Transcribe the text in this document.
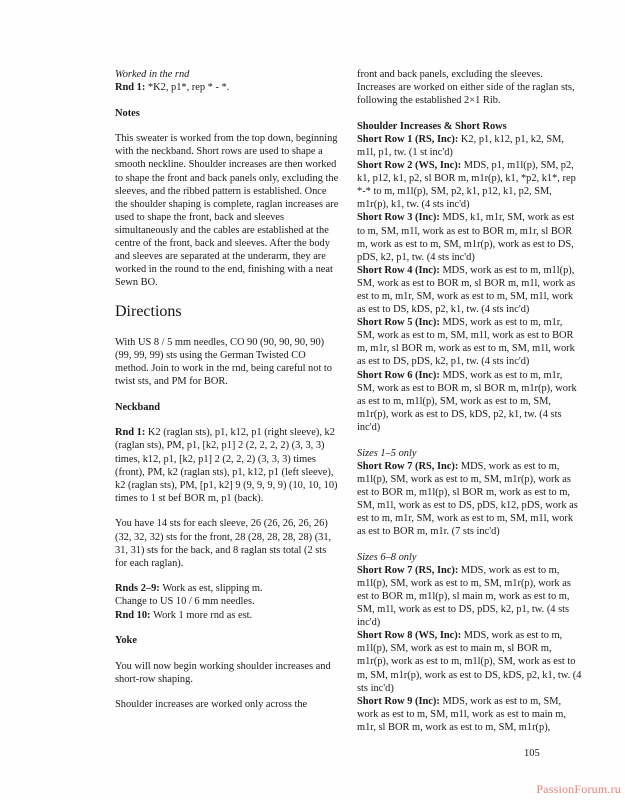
Worked in the rnd

Rnd 1: *K2, p1*, rep * - *.

Notes

This sweater is worked from the top down, beginning with the neckband. Short rows are used to shape a smooth neckline. Shoulder increases are then worked to shape the front and back panels only, excluding the sleeves, and the ribbed pattern is established. Once the shoulder shaping is complete, raglan increases are used to shape the front, back and sleeves simultaneously and the cables are established at the centre of the front, back and sleeves. After the body and sleeves are separated at the underarm, they are worked in the round to the end, finishing with a neat Sewn BO.

Directions

With US 8 / 5 mm needles, CO 90 (90, 90, 90, 90) (99, 99, 99) sts using the German Twisted CO method. Join to work in the rnd, being careful not to twist sts, and PM for BOR.

Neckband

Rnd 1: K2 (raglan sts), p1, k12, p1 (right sleeve), k2 (raglan sts), PM, p1, [k2, p1] 2 (2, 2, 2, 2) (3, 3, 3) times, k12, p1, [k2, p1] 2 (2, 2, 2) (3, 3, 3) times (front), PM, k2 (raglan sts), p1, k12, p1 (left sleeve), k2 (raglan sts), PM, [p1, k2] 9 (9, 9, 9, 9) (10, 10, 10) times to 1 st bef BOR m, p1 (back).

You have 14 sts for each sleeve, 26 (26, 26, 26, 26) (32, 32, 32) sts for the front, 28 (28, 28, 28, 28) (31, 31, 31) sts for the back, and 8 raglan sts total (2 sts for each raglan).

Rnds 2–9: Work as est, slipping m.

Change to US 10 / 6 mm needles.

Rnd 10: Work 1 more rnd as est.

Yoke

You will now begin working shoulder increases and short-row shaping.

Shoulder increases are worked only across the

front and back panels, excluding the sleeves. Increases are worked on either side of the raglan sts, following the established 2×1 Rib.

Shoulder Increases & Short Rows

Short Row 1 (RS, Inc): K2, p1, k12, p1, k2, SM, m1l, p1, tw. (1 st inc'd)

Short Row 2 (WS, Inc): MDS, p1, m1l(p), SM, p2, k1, p12, k1, p2, sl BOR m, m1r(p), k1, *p2, k1*, rep *-* to m, m1l(p), SM, p2, k1, p12, k1, p2, SM, m1r(p), k1, tw. (4 sts inc'd)

Short Row 3 (Inc): MDS, k1, m1r, SM, work as est to m, SM, m1l, work as est to BOR m, m1r, sl BOR m, work as est to m, SM, m1r(p), work as est to DS, pDS, k2, p1, tw. (4 sts inc'd)

Short Row 4 (Inc): MDS, work as est to m, m1l(p), SM, work as est to BOR m, sl BOR m, m1l, work as est to m, m1r, SM, work as est to m, SM, m1l, work as est to DS, kDS, p2, k1, tw. (4 sts inc'd)

Short Row 5 (Inc): MDS, work as est to m, m1r, SM, work as est to m, SM, m1l, work as est to BOR m, m1r, sl BOR m, work as est to m, SM, m1l, work as est to DS, pDS, k2, p1, tw. (4 sts inc'd)

Short Row 6 (Inc): MDS, work as est to m, m1r, SM, work as est to BOR m, sl BOR m, m1r(p), work as est to m, m1l(p), SM, work as est to m, SM, m1r(p), work as est to DS, kDS, p2, k1, tw. (4 sts inc'd)

Sizes 1–5 only

Short Row 7 (RS, Inc): MDS, work as est to m, m1l(p), SM, work as est to m, SM, m1r(p), work as est to BOR m, m1l(p), sl BOR m, work as est to m, SM, m1l, work as est to DS, pDS, k12, pDS, work as est to m, m1r, SM, work as est to m, SM, m1l, work as est to BOR m, m1r. (7 sts inc'd)

Sizes 6–8 only

Short Row 7 (RS, Inc): MDS, work as est to m, m1l(p), SM, work as est to m, SM, m1r(p), work as est to BOR m, m1l(p), sl main m, work as est to m, SM, m1l, work as est to DS, pDS, k2, p1, tw. (4 sts inc'd)

Short Row 8 (WS, Inc): MDS, work as est to m, m1l(p), SM, work as est to main m, sl BOR m, m1r(p), work as est to m, m1l(p), SM, work as est to m, SM, m1r(p), work as est to DS, kDS, p2, k1, tw. (4 sts inc'd)

Short Row 9 (Inc): MDS, work as est to m, SM, work as est to m, SM, m1l, work as est to main m, m1r, sl BOR m, work as est to m, SM, m1r(p),

105
PassionForum.ru
